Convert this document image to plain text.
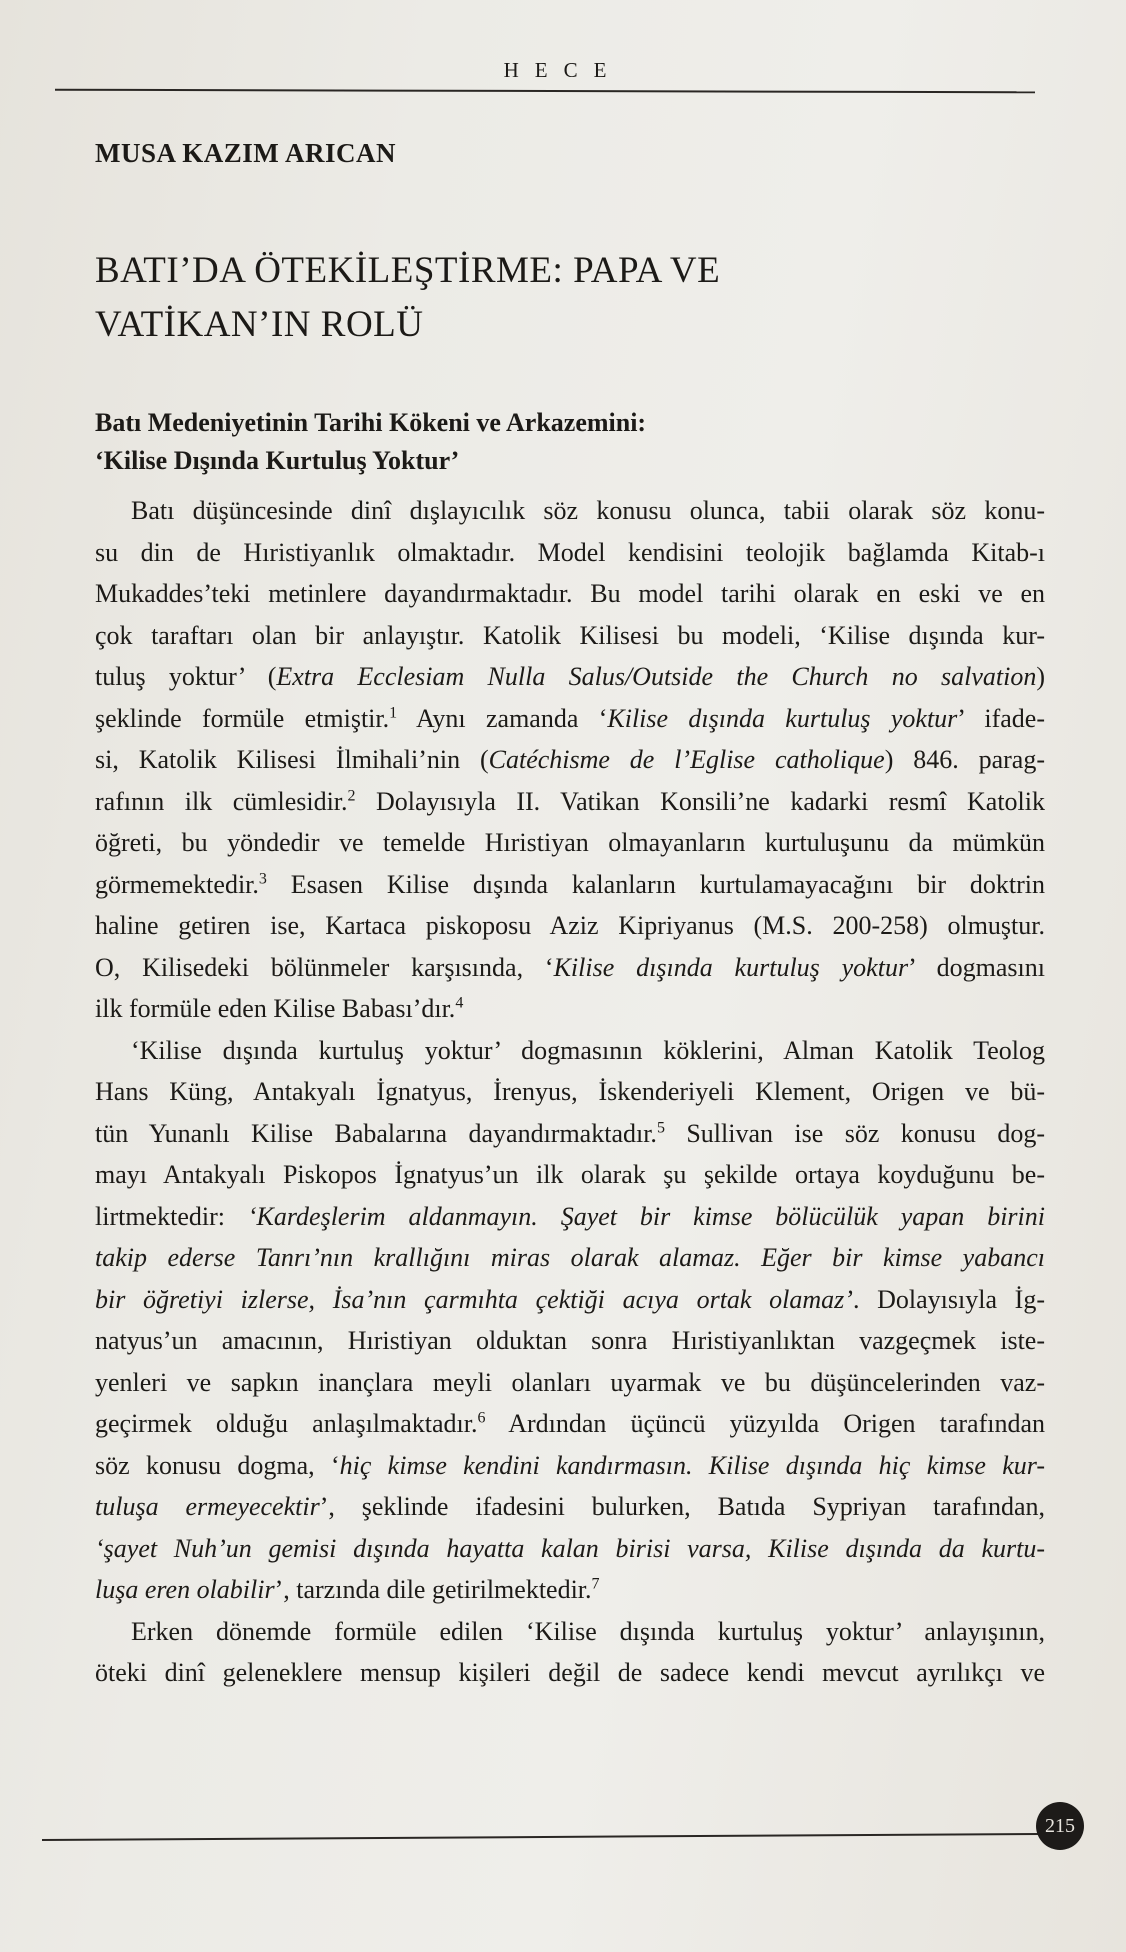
HECE
MUSA KAZIM ARICAN
BATI’DA ÖTEKİLEŞTİRME: PAPA VE
VATİKAN’IN ROLÜ
Batı Medeniyetinin Tarihi Kökeni ve Arkazemini:
‘Kilise Dışında Kurtuluş Yoktur’
Batı düşüncesinde dinî dışlayıcılık söz konusu olunca, tabii olarak söz konu-
su din de Hıristiyanlık olmaktadır. Model kendisini teolojik bağlamda Kitab-ı
Mukaddes’teki metinlere dayandırmaktadır. Bu model tarihi olarak en eski ve en
çok taraftarı olan bir anlayıştır. Katolik Kilisesi bu modeli, ‘Kilise dışında kur-
tuluş yoktur’ (Extra Ecclesiam Nulla Salus/Outside the Church no salvation)
şeklinde formüle etmiştir.$^1$ Aynı zamanda ‘Kilise dışında kurtuluş yoktur’ ifade-
si, Katolik Kilisesi İlmihali’nin (Catéchisme de l’Eglise catholique) 846. parag-
rafının ilk cümlesidir.$^2$ Dolayısıyla II. Vatikan Konsili’ne kadarki resmî Katolik
öğreti, bu yöndedir ve temelde Hıristiyan olmayanların kurtuluşunu da mümkün
görmemektedir.$^3$ Esasen Kilise dışında kalanların kurtulamayacağını bir doktrin
haline getiren ise, Kartaca piskoposu Aziz Kipriyanus (M.S. 200-258) olmuştur.
O, Kilisedeki bölünmeler karşısında, ‘Kilise dışında kurtuluş yoktur’ dogmasını
ilk formüle eden Kilise Babası’dır.$^4$
‘Kilise dışında kurtuluş yoktur’ dogmasının köklerini, Alman Katolik Teolog
Hans Küng, Antakyalı İgnatyus, İrenyus, İskenderiyeli Klement, Origen ve bü-
tün Yunanlı Kilise Babalarına dayandırmaktadır.$^5$ Sullivan ise söz konusu dog-
mayı Antakyalı Piskopos İgnatyus’un ilk olarak şu şekilde ortaya koyduğunu be-
lirtmektedir: ‘Kardeşlerim aldanmayın. Şayet bir kimse bölücülük yapan birini
takip ederse Tanrı’nın krallığını miras olarak alamaz. Eğer bir kimse yabancı
bir öğretiyi izlerse, İsa’nın çarmıhta çektiği acıya ortak olamaz’. Dolayısıyla İg-
natyus’un amacının, Hıristiyan olduktan sonra Hıristiyanlıktan vazgeçmek iste-
yenleri ve sapkın inançlara meyli olanları uyarmak ve bu düşüncelerinden vaz-
geçirmek olduğu anlaşılmaktadır.$^6$ Ardından üçüncü yüzyılda Origen tarafından
söz konusu dogma, ‘hiç kimse kendini kandırmasın. Kilise dışında hiç kimse kur-
tuluşa ermeyecektir’, şeklinde ifadesini bulurken, Batıda Sypriyan tarafından,
‘şayet Nuh’un gemisi dışında hayatta kalan birisi varsa, Kilise dışında da kurtu-
luşa eren olabilir’, tarzında dile getirilmektedir.$^7$
Erken dönemde formüle edilen ‘Kilise dışında kurtuluş yoktur’ anlayışının,
öteki dinî geleneklere mensup kişileri değil de sadece kendi mevcut ayrılıkçı ve
215
